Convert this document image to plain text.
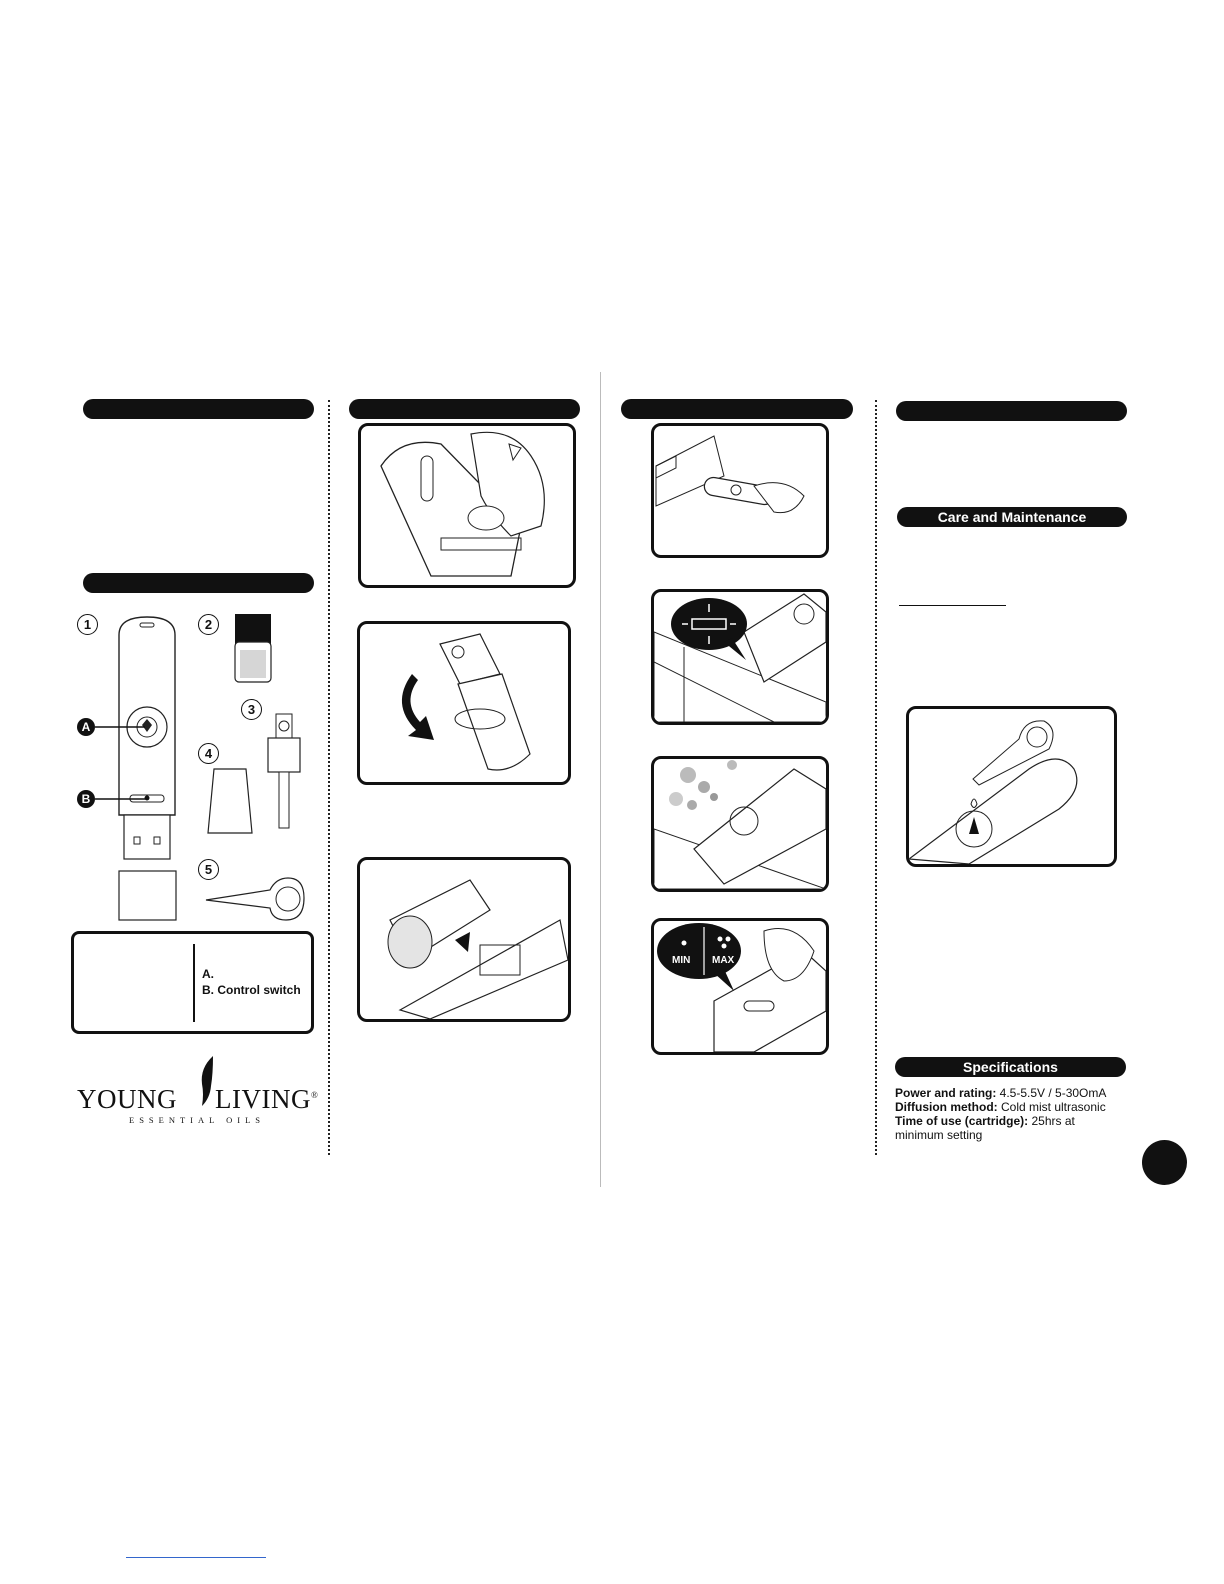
1	2
3
4
5
A
B
A.
B. Control switch
YOUNG LIVING®
ESSENTIAL OILS
MIN MAX
Care and Maintenance
Specifications

Power and rating: 4.5-5.5V / 5-30OmA

Diffusion method: Cold mist ultrasonic

Time of use (cartridge): 25hrs at minimum setting
